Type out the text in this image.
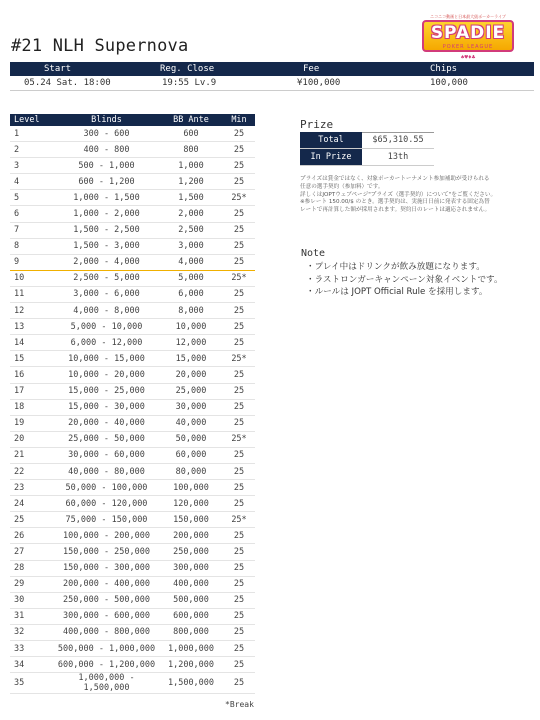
#21 NLH Supernova
ニコニコ動画と日本最大級ポーカーライブ
SPADIE
POKER LEAGUE
♠♥♦♣
Start	Reg. Close	Fee	Chips
05.24 Sat. 18:00	19:55 Lv.9	¥100,000	100,000
Level	Blinds	BB Ante	Min
1	300 - 600	600	25
2	400 - 800	800	25
3	500 - 1,000	1,000	25
4	600 - 1,200	1,200	25
5	1,000 - 1,500	1,500	25*
6	1,000 - 2,000	2,000	25
7	1,500 - 2,500	2,500	25
8	1,500 - 3,000	3,000	25
9	2,000 - 4,000	4,000	25
10	2,500 - 5,000	5,000	25*
11	3,000 - 6,000	6,000	25
12	4,000 - 8,000	8,000	25
13	5,000 - 10,000	10,000	25
14	6,000 - 12,000	12,000	25
15	10,000 - 15,000	15,000	25*
16	10,000 - 20,000	20,000	25
17	15,000 - 25,000	25,000	25
18	15,000 - 30,000	30,000	25
19	20,000 - 40,000	40,000	25
20	25,000 - 50,000	50,000	25*
21	30,000 - 60,000	60,000	25
22	40,000 - 80,000	80,000	25
23	50,000 - 100,000	100,000	25
24	60,000 - 120,000	120,000	25
25	75,000 - 150,000	150,000	25*
26	100,000 - 200,000	200,000	25
27	150,000 - 250,000	250,000	25
28	150,000 - 300,000	300,000	25
29	200,000 - 400,000	400,000	25
30	250,000 - 500,000	500,000	25
31	300,000 - 600,000	600,000	25
32	400,000 - 800,000	800,000	25
33	500,000 - 1,000,000	1,000,000	25
34	600,000 - 1,200,000	1,200,000	25
35	1,000,000 - 1,500,000	1,500,000	25
*Break
Prize
Total	$65,310.55
In Prize	13th
プライズは賞金ではなく、対象ポーカートーナメント参加補助が受けられる
任意の選手契約（参加料）です。
詳しくはJOPTウェブページ"プライズ（選手契約）について"をご覧ください。
※参レート 150.00/$ のとき。選手契約は、実施日日前に発表する固定為替
レートで再計算した額が採用されます。契約日のレートは適応されません。
Note
・プレイ中はドリンクが飲み放題になります。
・ラストロンガーキャンペーン対象イベントです。
・ルールは JOPT Official Rule を採用します。
